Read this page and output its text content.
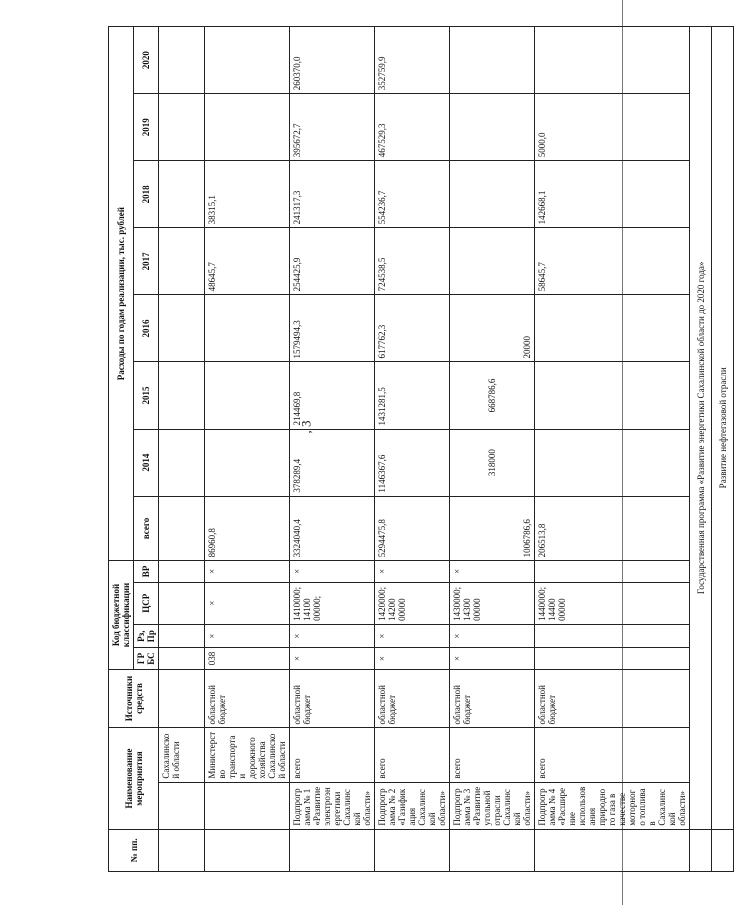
, 3
№ пп.	Наименование мероприятия		Источники средств	Код бюджетной классификации				Расходы по годам реализации, тыс. рублей							
				ГРБС	Рз, Пр	ЦСР	ВР	всего	2014	2015	2016	2017	2018	2019	2020
		Сахалинской области													
		Министерство транспорта и дорожного хозяйства Сахалинской области	областной бюджет	038	×	×	×	86960,8				48645,7	38315,1		
	Подпрограмма № 1 «Развитие электроэнергетики Сахалинской области»	всего	областной бюджет	×	×	1410000; 14100 00000;	×	3324040,4	378289,4	214469,8	1579494,3	254425,9	241317,3	395672,7	260370,0
	Подпрограмма № 2 «Газификация Сахалинской области»	всего	областной бюджет	×	×	1420000; 14200 00000	×	5294475,8	1146367,6	1431281,5	617762,3	724538,5	554236,7	467529,3	352759,9
	Подпрограмма № 3 «Развитие угольной отрасли Сахалинской области»	всего	областной бюджет	×	×	1430000; 14300 00000	×	1006786,6	318000	668786,6	20000				
	Подпрограмма № 4 «Расширение использования природного газа в качестве моторного топлива в Сахалинской области»	всего	областной бюджет			1440000; 14400 00000		206513,8				58645,7	142668,1	5000,0	
	Государственная программа «Развитие энергетики Сахалинской области до 2020 года»														
	Развитие нефтегазовой отрасли														
